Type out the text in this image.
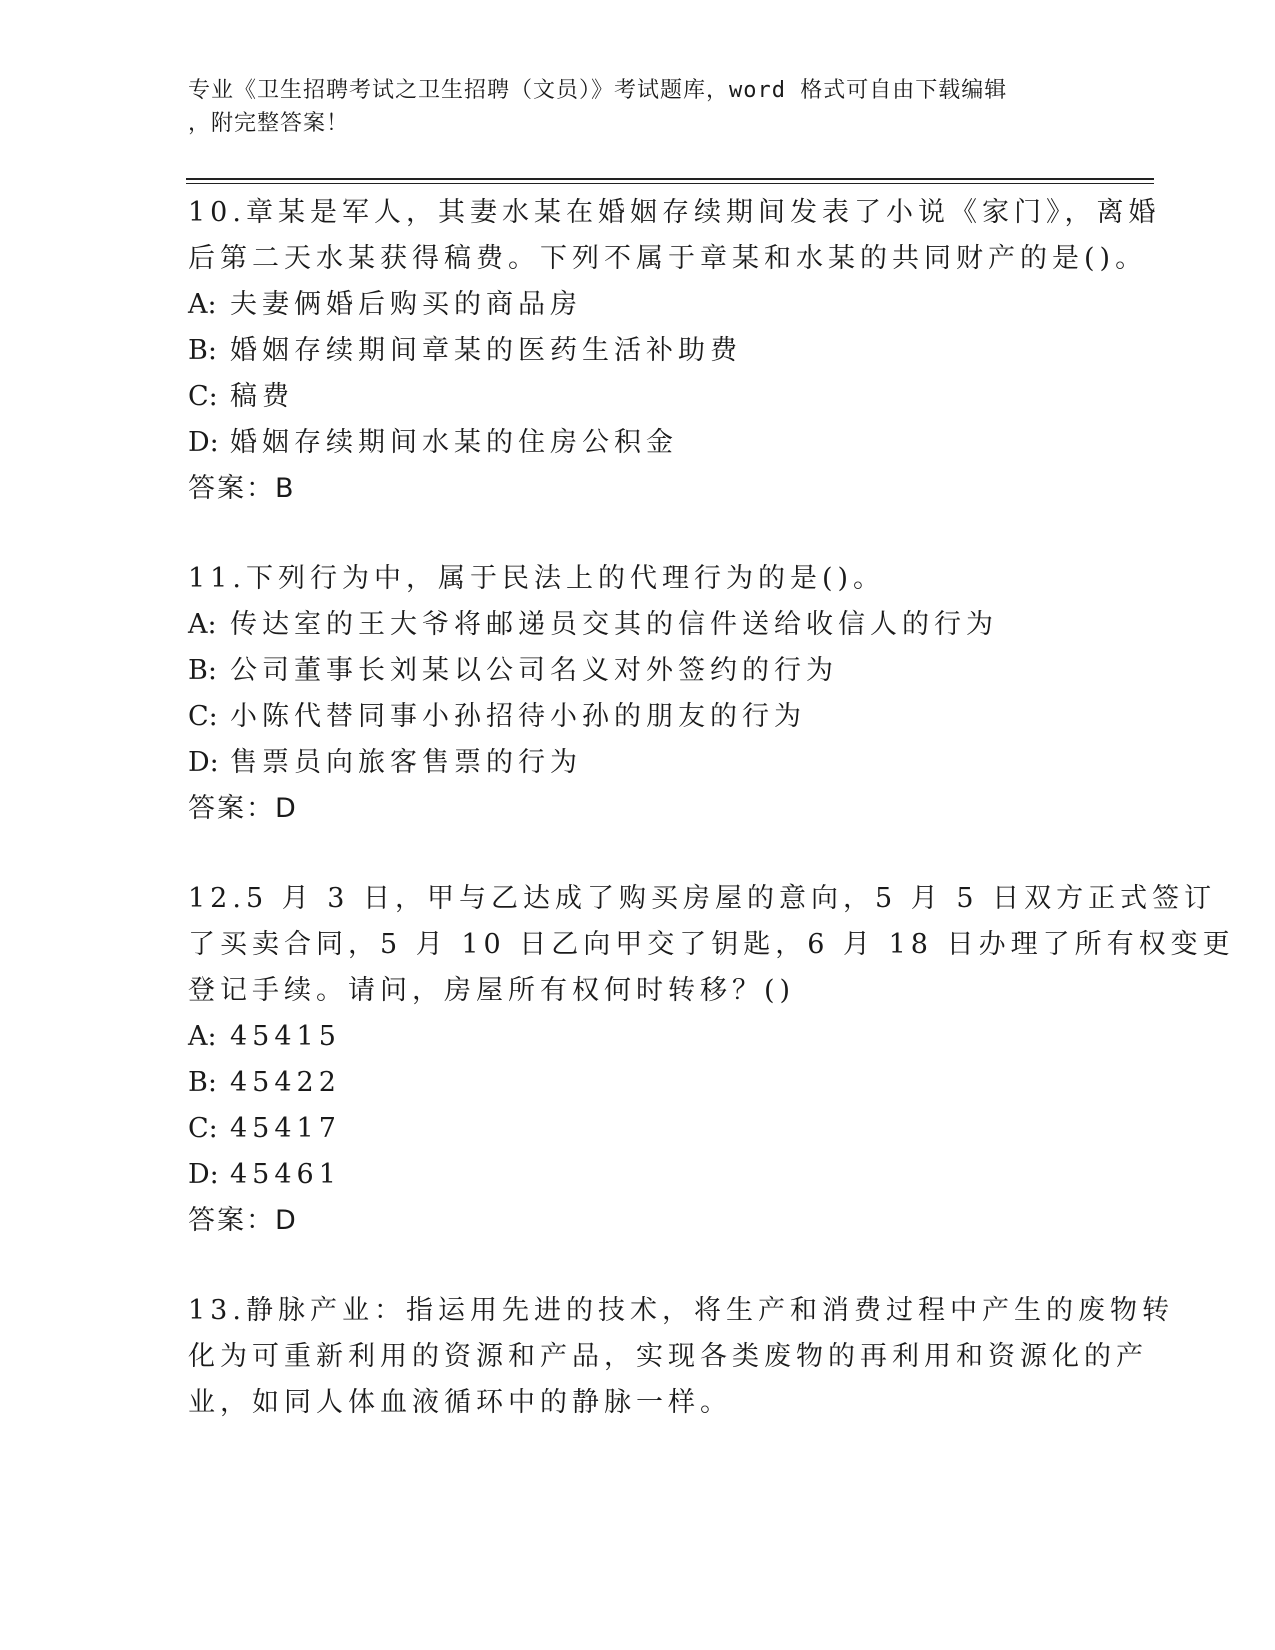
专业《卫生招聘考试之卫生招聘（文员）》考试题库，word 格式可自由下载编辑
，附完整答案！
10.章某是军人，其妻水某在婚姻存续期间发表了小说《家门》，离婚
后第二天水某获得稿费。下列不属于章某和水某的共同财产的是()。
A: 夫妻俩婚后购买的商品房
B: 婚姻存续期间章某的医药生活补助费
C: 稿费
D: 婚姻存续期间水某的住房公积金
答案：B
11.下列行为中，属于民法上的代理行为的是()。
A: 传达室的王大爷将邮递员交其的信件送给收信人的行为
B: 公司董事长刘某以公司名义对外签约的行为
C: 小陈代替同事小孙招待小孙的朋友的行为
D: 售票员向旅客售票的行为
答案：D
12.5 月 3 日，甲与乙达成了购买房屋的意向，5 月 5 日双方正式签订
了买卖合同，5 月 10 日乙向甲交了钥匙，6 月 18 日办理了所有权变更
登记手续。请问，房屋所有权何时转移？()
A: 45415
B: 45422
C: 45417
D: 45461
答案：D
13.静脉产业：指运用先进的技术，将生产和消费过程中产生的废物转
化为可重新利用的资源和产品，实现各类废物的再利用和资源化的产
业，如同人体血液循环中的静脉一样。
